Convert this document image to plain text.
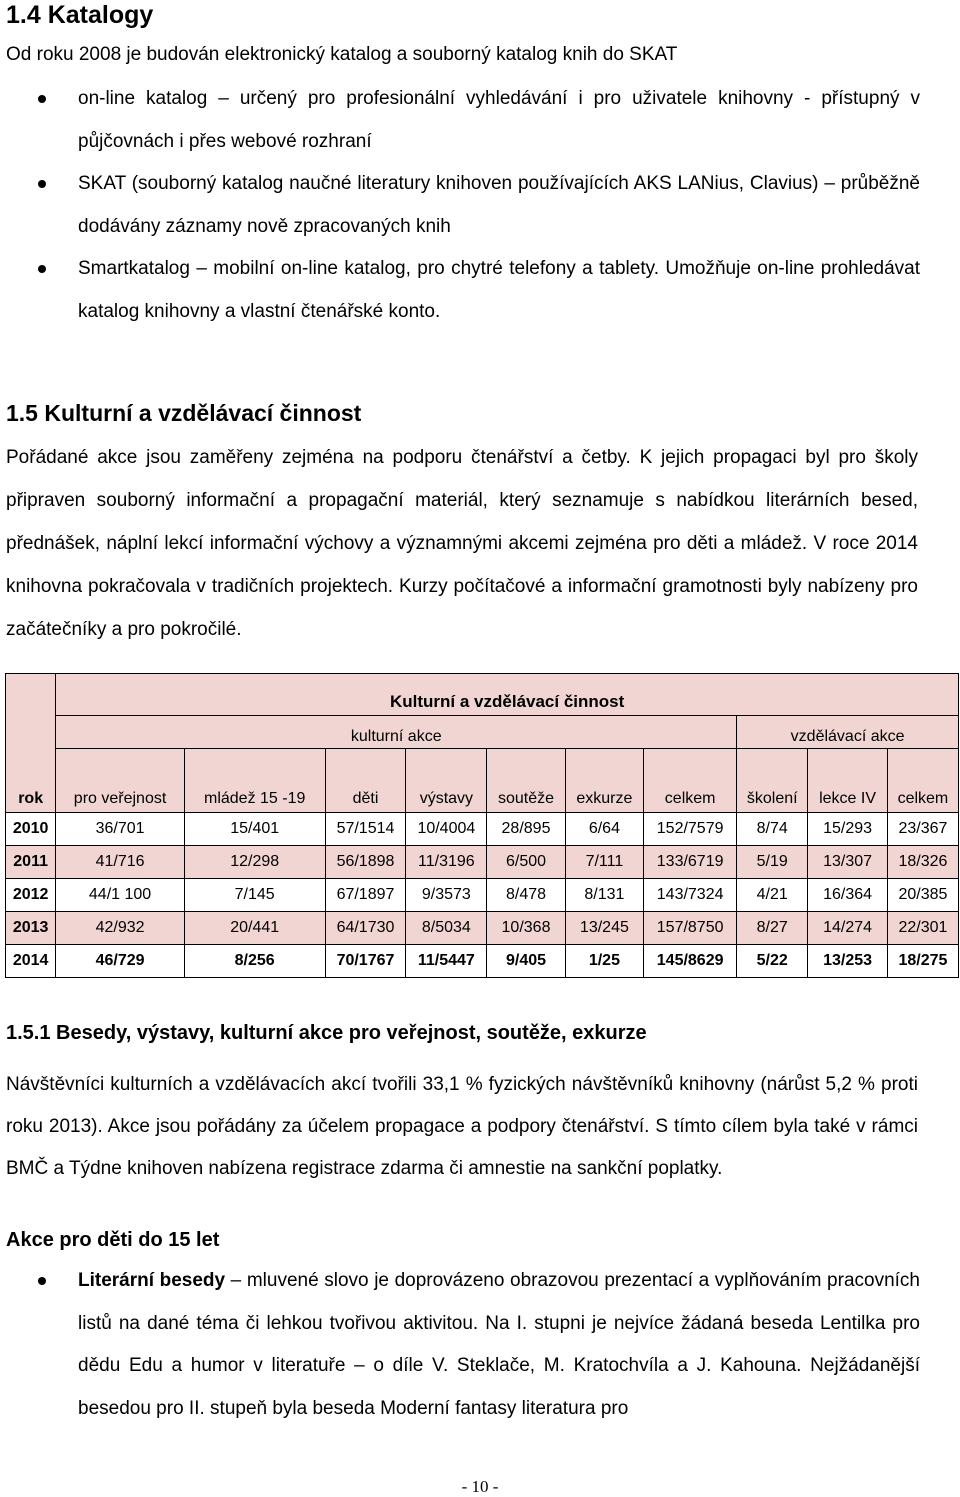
1.4 Katalogy

Od roku 2008 je budován elektronický katalog a souborný katalog knih do SKAT

on-line katalog – určený pro profesionální vyhledávání i pro uživatele knihovny - přístupný v půjčovnách i přes webové rozhraní
SKAT (souborný katalog naučné literatury knihoven používajících AKS LANius, Clavius) – průběžně dodávány záznamy nově zpracovaných knih
Smartkatalog – mobilní on-line katalog, pro chytré telefony a tablety. Umožňuje on-line prohledávat katalog knihovny a vlastní čtenářské konto.
1.5 Kulturní a vzdělávací činnost

Pořádané akce jsou zaměřeny zejména na podporu čtenářství a četby. K jejich propagaci byl pro školy připraven souborný informační a propagační materiál, který seznamuje s nabídkou literárních besed, přednášek, náplní lekcí informační výchovy a významnými akcemi zejména pro děti a mládež. V roce 2014 knihovna pokračovala v tradičních projektech. Kurzy počítačové a informační gramotnosti byly nabízeny pro začátečníky a pro pokročilé.

	Kulturní a vzdělávací činnost									
	kulturní akce							vzdělávací akce		
rok	pro veřejnost	mládež 15 -19	děti	výstavy	soutěže	exkurze	celkem	školení	lekce IV	celkem
2010	36/701	15/401	57/1514	10/4004	28/895	6/64	152/7579	8/74	15/293	23/367
2011	41/716	12/298	56/1898	11/3196	6/500	7/111	133/6719	5/19	13/307	18/326
2012	44/1 100	7/145	67/1897	9/3573	8/478	8/131	143/7324	4/21	16/364	20/385
2013	42/932	20/441	64/1730	8/5034	10/368	13/245	157/8750	8/27	14/274	22/301
2014	46/729	8/256	70/1767	11/5447	9/405	1/25	145/8629	5/22	13/253	18/275
1.5.1 Besedy, výstavy, kulturní akce pro veřejnost, soutěže, exkurze

Návštěvníci kulturních a vzdělávacích akcí tvořili 33,1 % fyzických návštěvníků knihovny (nárůst 5,2 % proti roku 2013). Akce jsou pořádány za účelem propagace a podpory čtenářství. S tímto cílem byla také v rámci BMČ a Týdne knihoven nabízena registrace zdarma či amnestie na sankční poplatky.

Akce pro děti do 15 let
Literární besedy – mluvené slovo je doprovázeno obrazovou prezentací a vyplňováním pracovních listů na dané téma či lehkou tvořivou aktivitou. Na I. stupni je nejvíce žádaná beseda Lentilka pro dědu Edu a humor v literatuře – o díle V. Steklače, M. Kratochvíla a J. Kahouna. Nejžádanější besedou pro II. stupeň byla beseda Moderní fantasy literatura pro
- 10 -
